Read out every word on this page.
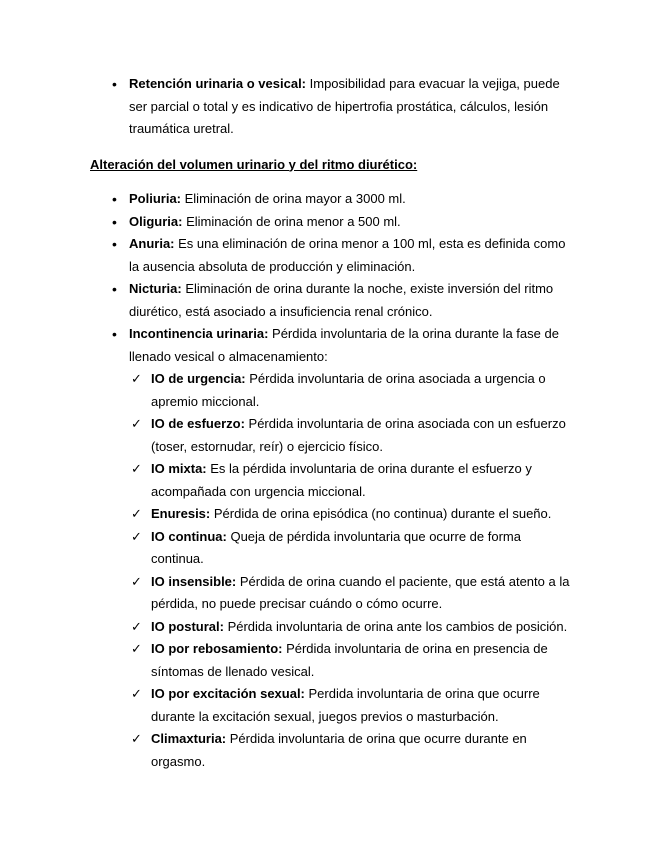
• Retención urinaria o vesical: Imposibilidad para evacuar la vejiga, puede ser parcial o total y es indicativo de hipertrofia prostática, cálculos, lesión traumática uretral.
Alteración del volumen urinario y del ritmo diurético:
• Poliuria: Eliminación de orina mayor a 3000 ml.
• Oliguria: Eliminación de orina menor a 500 ml.
• Anuria: Es una eliminación de orina menor a 100 ml, esta es definida como la ausencia absoluta de producción y eliminación.
• Nicturia: Eliminación de orina durante la noche, existe inversión del ritmo diurético, está asociado a insuficiencia renal crónico.
• Incontinencia urinaria: Pérdida involuntaria de la orina durante la fase de llenado vesical o almacenamiento:
✓ IO de urgencia: Pérdida involuntaria de orina asociada a urgencia o apremio miccional.
✓ IO de esfuerzo: Pérdida involuntaria de orina asociada con un esfuerzo (toser, estornudar, reír) o ejercicio físico.
✓ IO mixta: Es la pérdida involuntaria de orina durante el esfuerzo y acompañada con urgencia miccional.
✓ Enuresis: Pérdida de orina episódica (no continua) durante el sueño.
✓ IO continua: Queja de pérdida involuntaria que ocurre de forma continua.
✓ IO insensible: Pérdida de orina cuando el paciente, que está atento a la pérdida, no puede precisar cuándo o cómo ocurre.
✓ IO postural: Pérdida involuntaria de orina ante los cambios de posición.
✓ IO por rebosamiento: Pérdida involuntaria de orina en presencia de síntomas de llenado vesical.
✓ IO por excitación sexual: Perdida involuntaria de orina que ocurre durante la excitación sexual, juegos previos o masturbación.
✓ Climaxturia: Pérdida involuntaria de orina que ocurre durante en orgasmo.
